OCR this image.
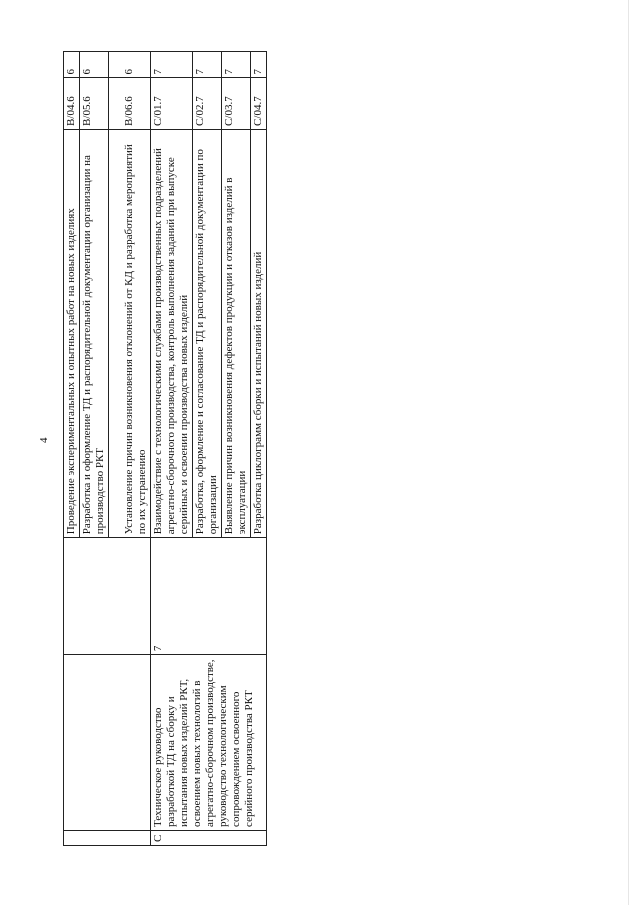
4
			Проведение экспериментальных и опытных работ на новых изделиях	B/04.6	6
			Разработка и оформление ТД и распорядительной документации организации на производство РКТ	B/05.6	6
			Установление причин возникновения отклонений от КД и разработка мероприятий по их устранению	B/06.6	6
C	Техническое руководство разработкой ТД на сборку и испытания новых изделий РКТ, освоением новых технологий в агрегатно-сборочном производстве, руководство технологическим сопровождением освоенного серийного производства РКТ	7	Взаимодействие с технологическими службами производственных подразделений агрегатно-сборочного производства, контроль выполнения заданий при выпуске серийных и освоении производства новых изделий	C/01.7	7
			Разработка, оформление и согласование ТД и распорядительной документации по организации	C/02.7	7
			Выявление причин возникновения дефектов продукции и отказов изделий в эксплуатации	C/03.7	7
			Разработка циклограмм сборки и испытаний новых изделий	C/04.7	7
